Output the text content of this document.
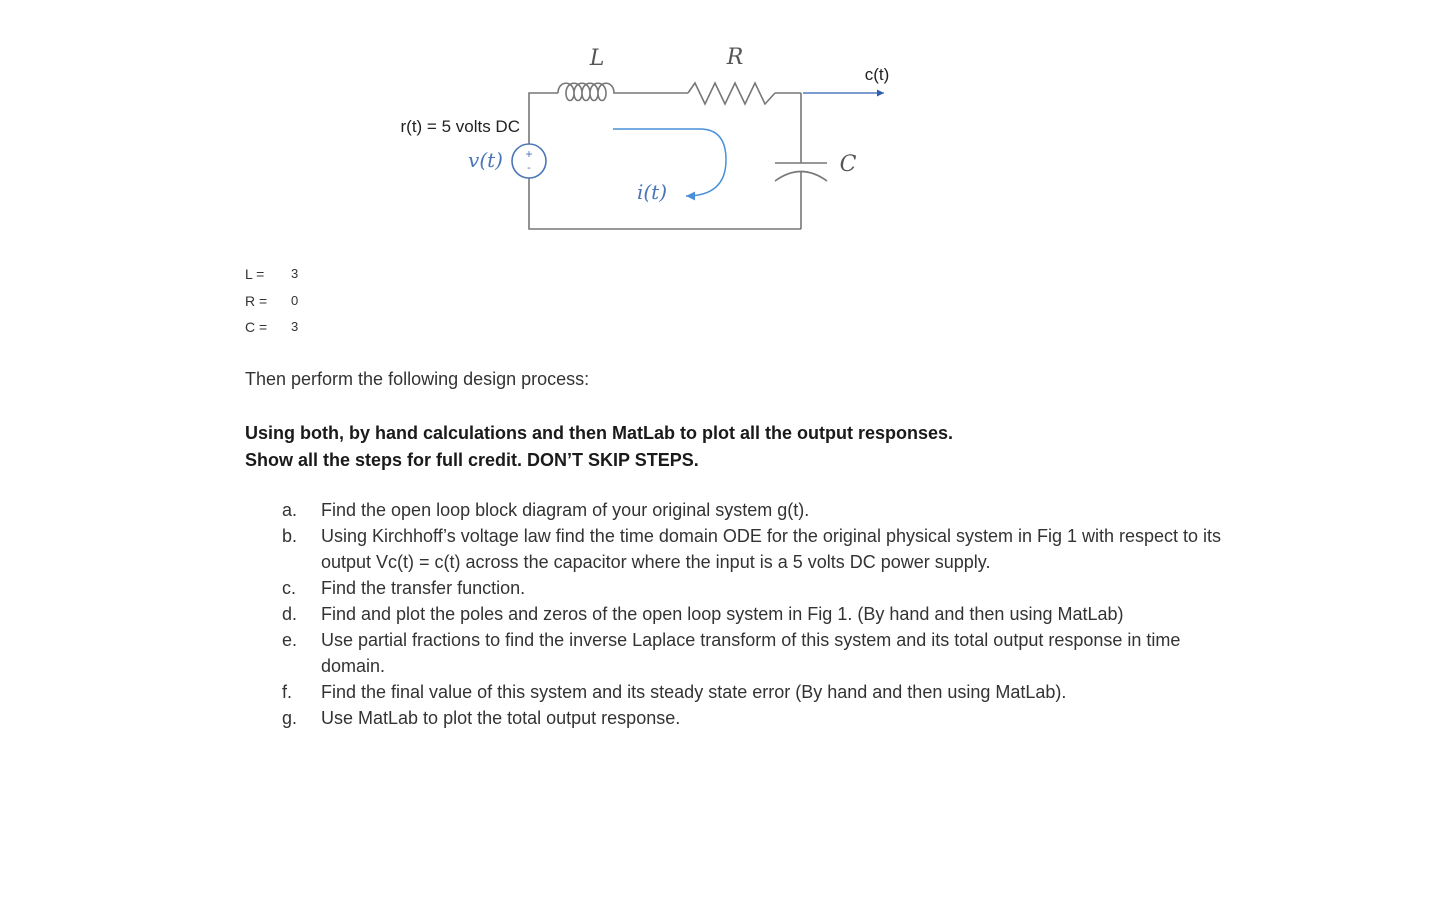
+
-
L	R
C
c(t)
r(t) = 5 volts DC
v(t)
i(t)
L =	3
R =	0
C =	3
Then perform the following design process:
Using both, by hand calculations and then MatLab to plot all the output responses.
Show all the steps for full credit. DON’T SKIP STEPS.
a.	Find the open loop block diagram of your original system g(t).
b.	Using Kirchhoff’s voltage law find the time domain ODE for the original physical system in Fig 1 with respect to its output Vc(t) = c(t) across the capacitor where the input is a 5 volts DC power supply.
c.	Find the transfer function.
d.	Find and plot the poles and zeros of the open loop system in Fig 1. (By hand and then using MatLab)
e.	Use partial fractions to find the inverse Laplace transform of this system and its total output response in time domain.
f.	Find the final value of this system and its steady state error (By hand and then using MatLab).
g.	Use MatLab to plot the total output response.
